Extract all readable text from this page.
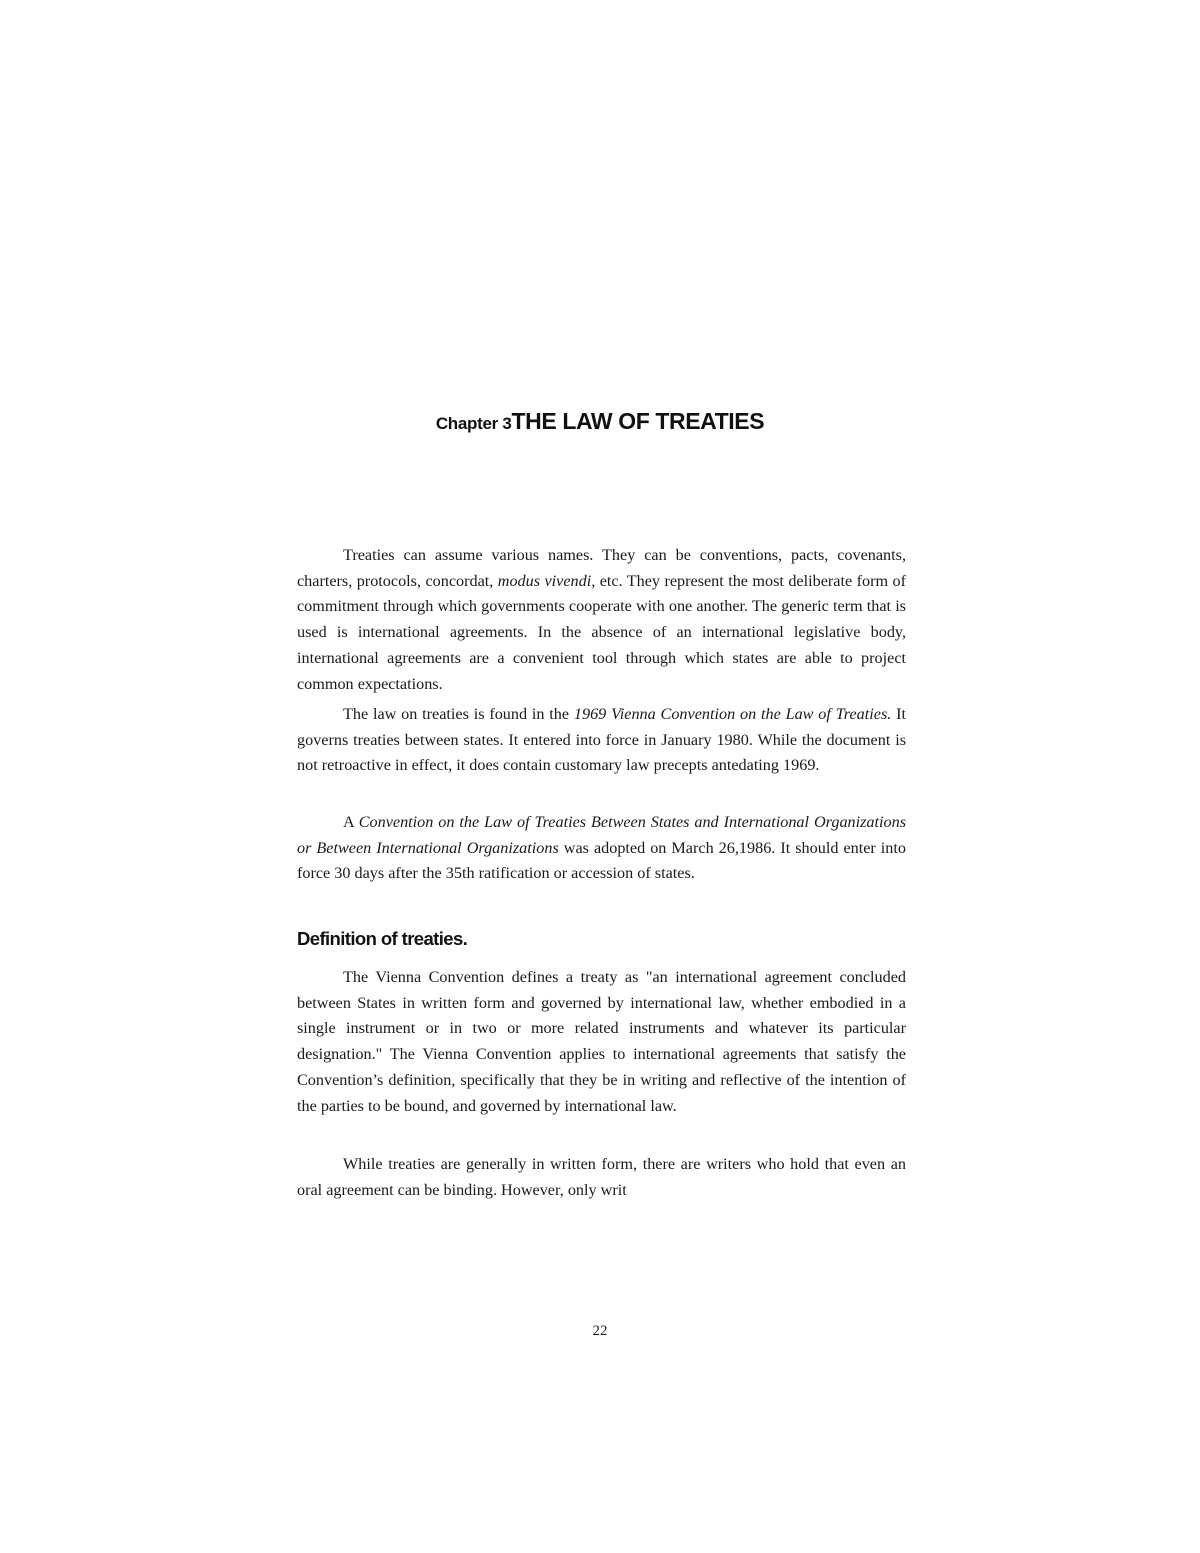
Chapter 3THE LAW OF TREATIES

Treaties can assume various names. They can be conventions, pacts, covenants, charters, protocols, concordat, modus vivendi, etc. They represent the most deliberate form of commitment through which governments cooperate with one another. The generic term that is used is international agreements. In the absence of an international legislative body, international agreements are a convenient tool through which states are able to project common expectations.

The law on treaties is found in the 1969 Vienna Convention on the Law of Treaties. It governs treaties between states. It entered into force in January 1980. While the document is not retroactive in effect, it does contain customary law precepts antedating 1969.

A Convention on the Law of Treaties Between States and International Organizations or Between International Organizations was adopted on March 26,1986. It should enter into force 30 days after the 35th ratification or accession of states.

Definition of treaties.

The Vienna Convention defines a treaty as "an international agreement concluded between States in written form and governed by international law, whether embodied in a single instrument or in two or more related instruments and whatever its particular designation." The Vienna Convention applies to international agreements that satisfy the Convention’s definition, specifically that they be in writing and reflective of the intention of the parties to be bound, and governed by international law.

While treaties are generally in written form, there are writers who hold that even an oral agreement can be binding. However, only writ

22
